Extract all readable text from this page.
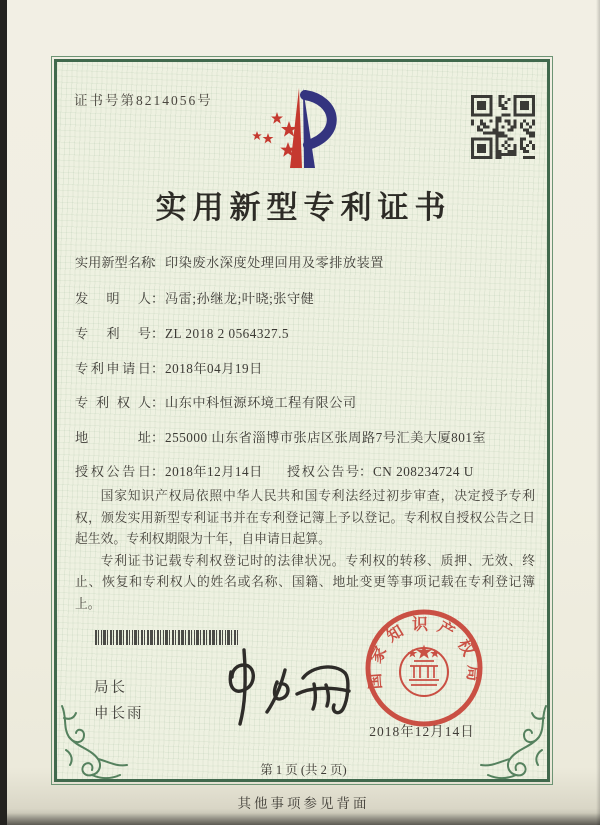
证书号第8214056号
实用新型专利证书
实用新型名称：印染废水深度处理回用及零排放装置
发明人：冯雷;孙继龙;叶晓;张守健
专利号：ZL 2018 2 0564327.5
专利申请日：2018年04月19日
专利权人：山东中科恒源环境工程有限公司
地址：255000 山东省淄博市张店区张周路7号汇美大厦801室
授权公告日：2018年12月14日 授权公告号：CN 208234724 U

国家知识产权局依照中华人民共和国专利法经过初步审查，决定授予专利权，颁发实用新型专利证书并在专利登记簿上予以登记。专利权自授权公告之日起生效。专利权期限为十年，自申请日起算。

专利证书记载专利权登记时的法律状况。专利权的转移、质押、无效、终止、恢复和专利权人的姓名或名称、国籍、地址变更等事项记载在专利登记簿上。

局长
申长雨
国家知识产权局
2018年12月14日
第 1 页 (共 2 页)
其他事项参见背面
